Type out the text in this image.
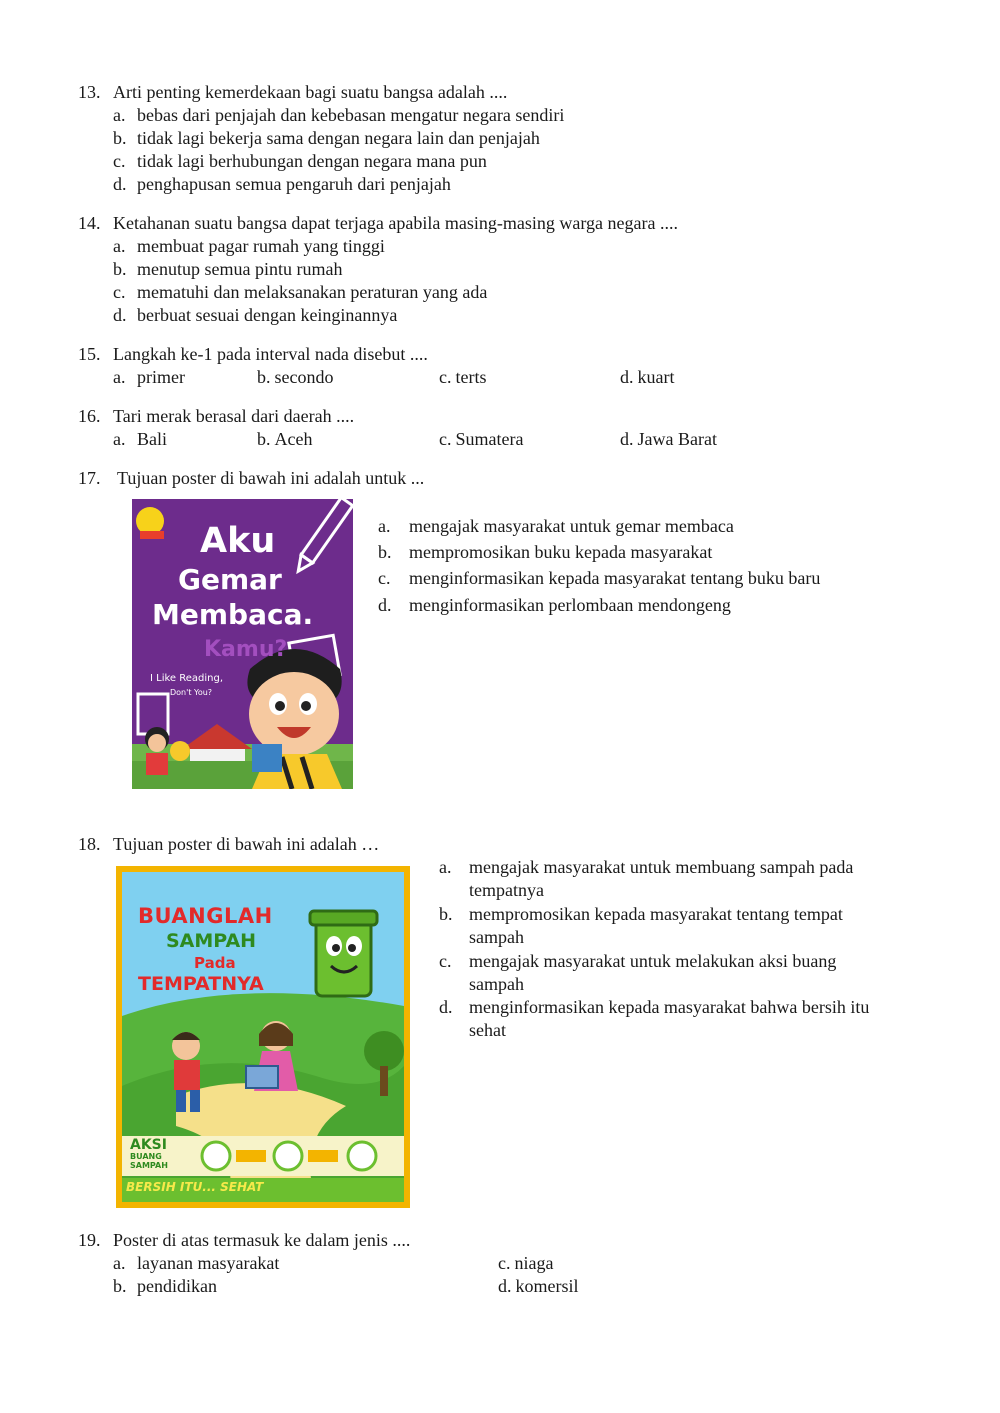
13. Arti penting kemerdekaan bagi suatu bangsa adalah ....
a. bebas dari penjajah dan kebebasan mengatur negara sendiri
b. tidak lagi bekerja sama dengan negara lain dan penjajah
c. tidak lagi berhubungan dengan negara mana pun
d. penghapusan semua pengaruh dari penjajah
14. Ketahanan suatu bangsa dapat terjaga apabila masing-masing warga negara ....
a. membuat pagar rumah yang tinggi
b. menutup semua pintu rumah
c. mematuhi dan melaksanakan peraturan yang ada
d. berbuat sesuai dengan keinginannya
15. Langkah ke-1 pada interval nada disebut ....
a. primer	b. secondo	c. terts	d. kuart
16. Tari merak berasal dari daerah ....
a. Bali	b. Aceh	c. Sumatera	d. Jawa Barat
17. Tujuan poster di bawah ini adalah untuk ...
Aku
Gemar
Membaca.
Kamu?
I Like Reading,
Don't You?
a. mengajak masyarakat untuk gemar membaca
b. mempromosikan buku kepada masyarakat
c. menginformasikan kepada masyarakat tentang buku baru
d. menginformasikan perlombaan mendongeng
18. Tujuan poster di bawah ini adalah …
BUANGLAH
SAMPAH
Pada
TEMPATNYA
AKSI
BUANG
SAMPAH
BERSIH ITU... SEHAT
a. mengajak masyarakat untuk membuang sampah pada
tempatnya
b. mempromosikan kepada masyarakat tentang tempat
sampah
c. mengajak masyarakat untuk melakukan aksi buang
sampah
d. menginformasikan kepada masyarakat bahwa bersih itu
sehat
19. Poster di atas termasuk ke dalam jenis ....
a. layanan masyarakat	c. niaga
b. pendidikan	d. komersil
